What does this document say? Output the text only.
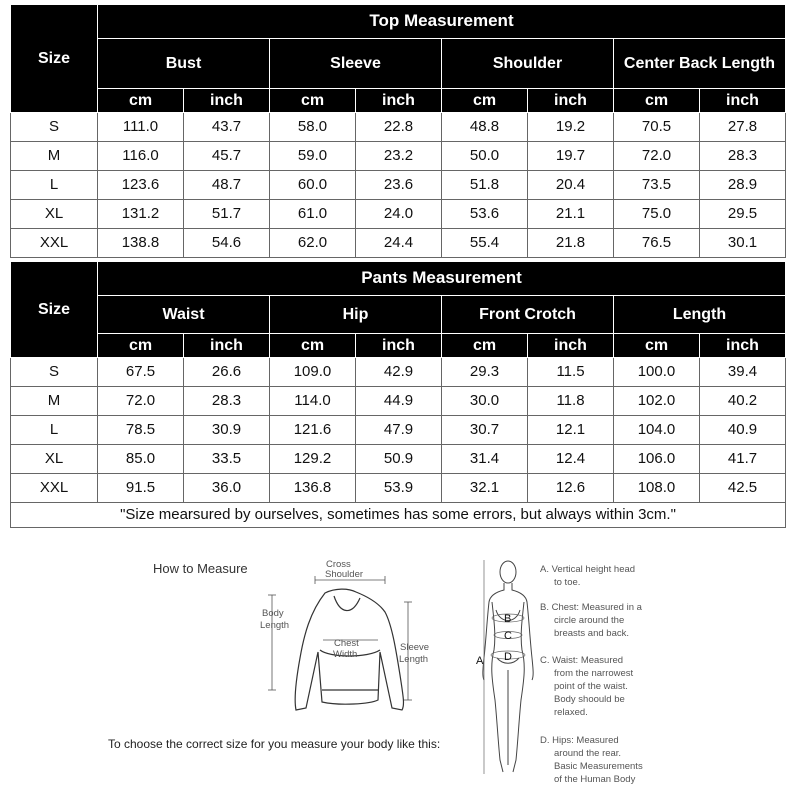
Size	Top Measurement							
	Bust		Sleeve		Shoulder		Center Back Length	
	cm	inch	cm	inch	cm	inch	cm	inch
S	111.0	43.7	58.0	22.8	48.8	19.2	70.5	27.8
M	116.0	45.7	59.0	23.2	50.0	19.7	72.0	28.3
L	123.6	48.7	60.0	23.6	51.8	20.4	73.5	28.9
XL	131.2	51.7	61.0	24.0	53.6	21.1	75.0	29.5
XXL	138.8	54.6	62.0	24.4	55.4	21.8	76.5	30.1
Size	Pants Measurement							
	Waist		Hip		Front Crotch		Length	
	cm	inch	cm	inch	cm	inch	cm	inch
S	67.5	26.6	109.0	42.9	29.3	11.5	100.0	39.4
M	72.0	28.3	114.0	44.9	30.0	11.8	102.0	40.2
L	78.5	30.9	121.6	47.9	30.7	12.1	104.0	40.9
XL	85.0	33.5	129.2	50.9	31.4	12.4	106.0	41.7
XXL	91.5	36.0	136.8	53.9	32.1	12.6	108.0	42.5
"Size mearsured by ourselves, sometimes has some errors, but always within 3cm."
How to Measure	Cross
Shoulder
Body
Length
Chest
Width
Sleeve
Length	A
B
C
D
To choose the correct size for you measure your body like this:
A. Vertical height head
to toe.
B. Chest: Measured in a
circle around the
breasts and back.
C. Waist: Measured
from the narrowest
point of the waist.
Body shoould be
relaxed.
D. Hips: Measured
around the rear.
Basic Measurements
of the Human Body
